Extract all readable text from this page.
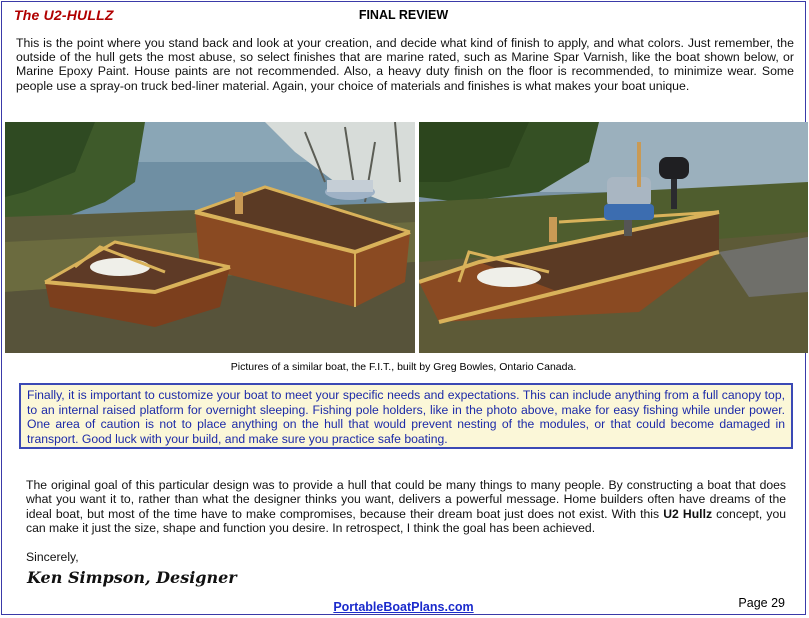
The U2-HULLZ	FINAL REVIEW

This is the point where you stand back and look at your creation, and decide what kind of finish to apply, and what colors. Just remember, the outside of the hull gets the most abuse, so select finishes that are marine rated, such as Marine Spar Varnish, like the boat shown below, or Marine Epoxy Paint. House paints are not recommended. Also, a heavy duty finish on the floor is recommended, to minimize wear. Some people use a spray-on truck bed-liner material. Again, your choice of materials and finishes is what makes your boat unique.

Pictures of a similar boat, the F.I.T., built by Greg Bowles, Ontario Canada.

Finally, it is important to customize your boat to meet your specific needs and expectations. This can include anything from a full canopy top, to an internal raised platform for overnight sleeping. Fishing pole holders, like in the photo above, make for easy fishing while under power. One area of caution is not to place anything on the hull that would prevent nesting of the modules, or that could become damaged in transport. Good luck with your build, and make sure you practice safe boating.

The original goal of this particular design was to provide a hull that could be many things to many people. By constructing a boat that does what you want it to, rather than what the designer thinks you want, delivers a powerful message. Home builders often have dreams of the ideal boat, but most of the time have to make compromises, because their dream boat just does not exist. With this U2 Hullz concept, you can make it just the size, shape and function you desire. In retrospect, I think the goal has been achieved.

Sincerely,
Ken Simpson, Designer
PortableBoatPlans.com	Page 29
